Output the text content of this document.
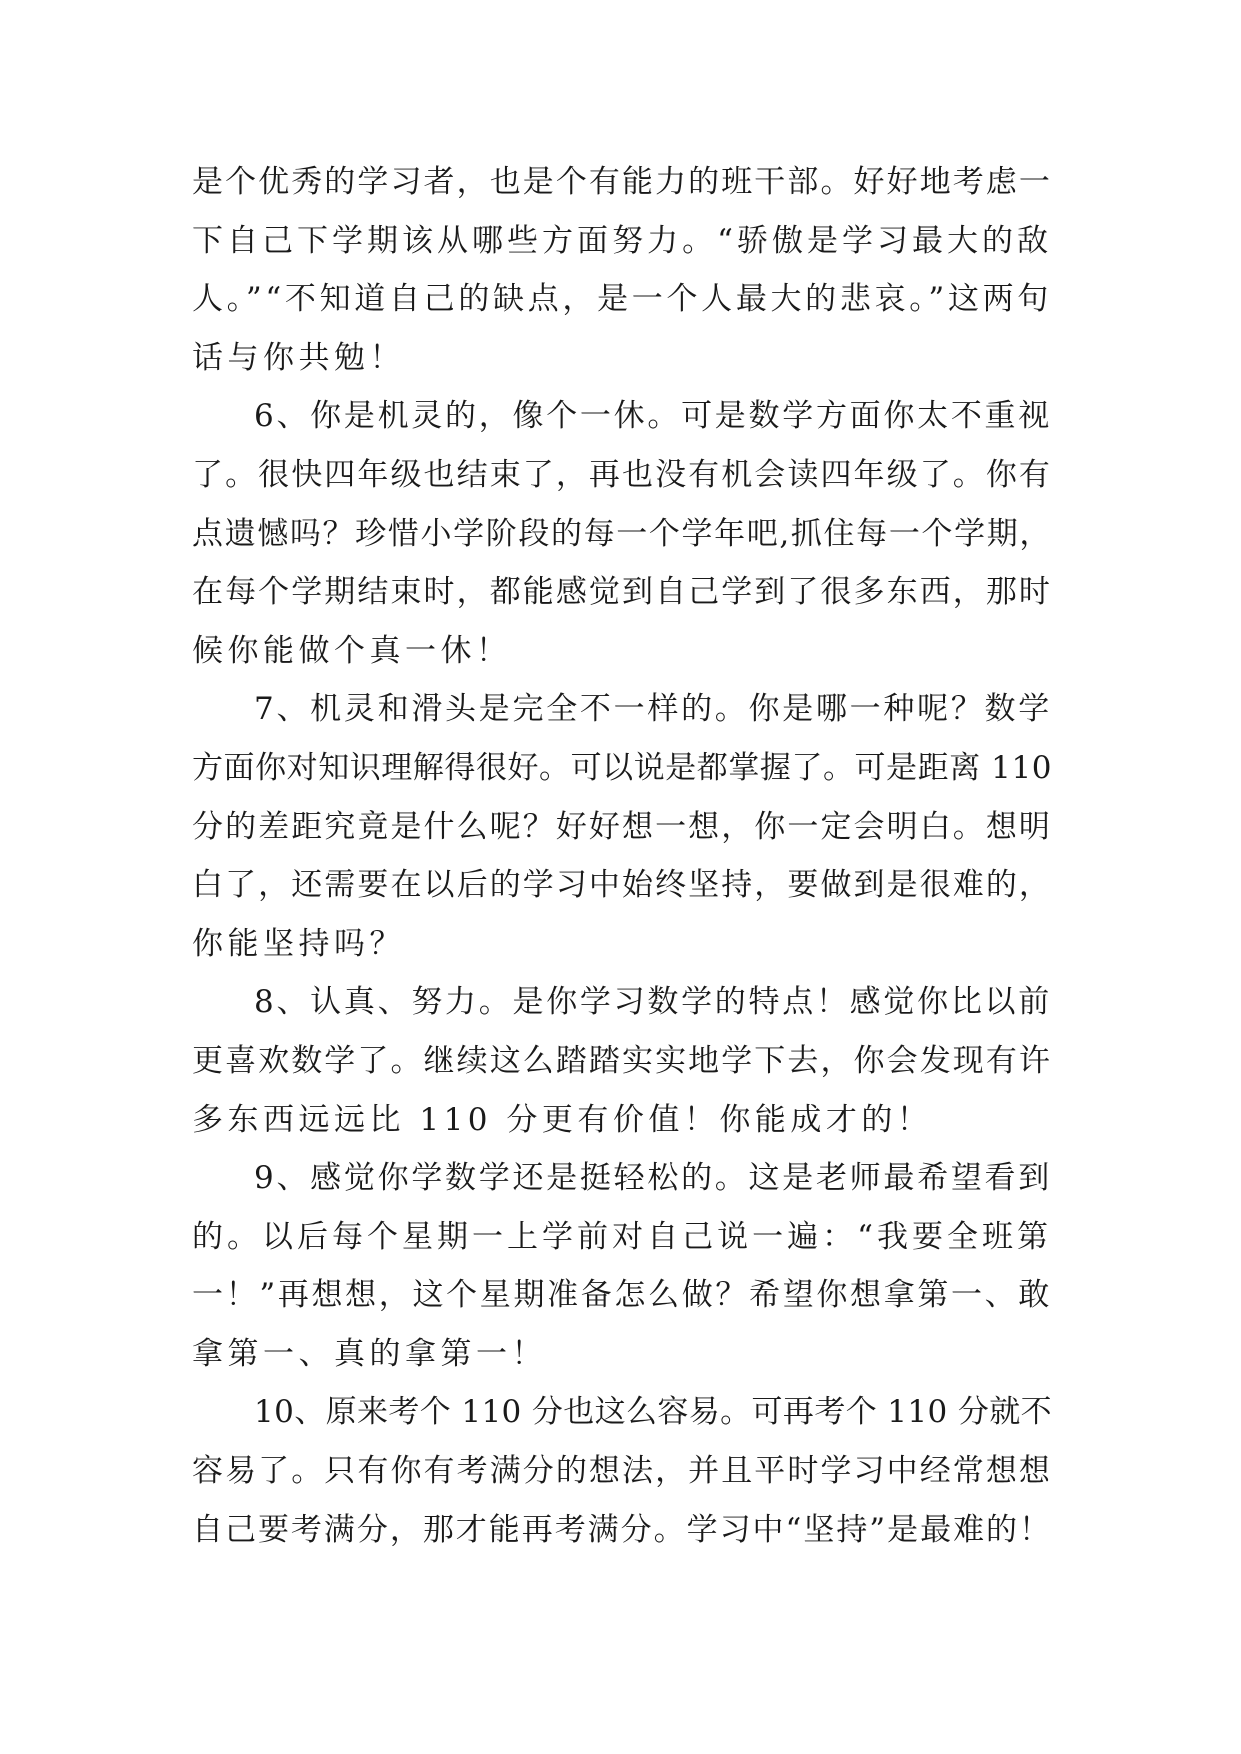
是个优秀的学习者，也是个有能力的班干部。好好地考虑一
下自己下学期该从哪些方面努力。“骄傲是学习最大的敌
人。”“不知道自己的缺点，是一个人最大的悲哀。”这两句
话与你共勉！
6、你是机灵的，像个一休。可是数学方面你太不重视
了。很快四年级也结束了，再也没有机会读四年级了。你有
点遗憾吗？珍惜小学阶段的每一个学年吧,抓住每一个学期，
在每个学期结束时，都能感觉到自己学到了很多东西，那时
候你能做个真一休！
7、机灵和滑头是完全不一样的。你是哪一种呢？数学
方面你对知识理解得很好。可以说是都掌握了。可是距离 110
分的差距究竟是什么呢？好好想一想，你一定会明白。想明
白了，还需要在以后的学习中始终坚持，要做到是很难的，
你能坚持吗？
8、认真、努力。是你学习数学的特点！感觉你比以前
更喜欢数学了。继续这么踏踏实实地学下去，你会发现有许
多东西远远比 110 分更有价值！你能成才的！
9、感觉你学数学还是挺轻松的。这是老师最希望看到
的。以后每个星期一上学前对自己说一遍：“我要全班第
一！”再想想，这个星期准备怎么做？希望你想拿第一、敢
拿第一、真的拿第一！
10、原来考个 110 分也这么容易。可再考个 110 分就不
容易了。只有你有考满分的想法，并且平时学习中经常想想
自己要考满分，那才能再考满分。学习中“坚持”是最难的！
